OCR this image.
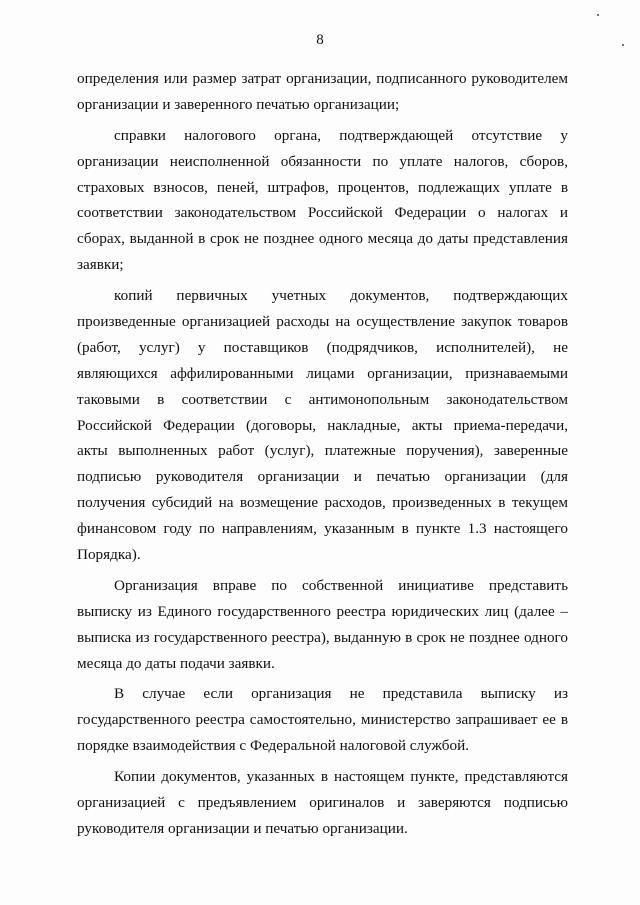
8
определения или размер затрат организации, подписанного руководителем
организации и заверенного печатью организации;
справки налогового органа, подтверждающей отсутствие у
организации неисполненной обязанности по уплате налогов, сборов,
страховых взносов, пеней, штрафов, процентов, подлежащих уплате в
соответствии законодательством Российской Федерации о налогах и
сборах, выданной в срок не позднее одного месяца до даты представления
заявки;
копий первичных учетных документов, подтверждающих
произведенные организацией расходы на осуществление закупок товаров
(работ, услуг) у поставщиков (подрядчиков, исполнителей), не
являющихся аффилированными лицами организации, признаваемыми
таковыми в соответствии с антимонопольным законодательством
Российской Федерации (договоры, накладные, акты приема-передачи,
акты выполненных работ (услуг), платежные поручения), заверенные
подписью руководителя организации и печатью организации (для
получения субсидий на возмещение расходов, произведенных в текущем
финансовом году по направлениям, указанным в пункте 1.3 настоящего
Порядка).
Организация вправе по собственной инициативе представить
выписку из Единого государственного реестра юридических лиц (далее –
выписка из государственного реестра), выданную в срок не позднее одного
месяца до даты подачи заявки.
В случае если организация не представила выписку из
государственного реестра самостоятельно, министерство запрашивает ее в
порядке взаимодействия с Федеральной налоговой службой.
Копии документов, указанных в настоящем пункте, представляются
организацией с предъявлением оригиналов и заверяются подписью
руководителя организации и печатью организации.
